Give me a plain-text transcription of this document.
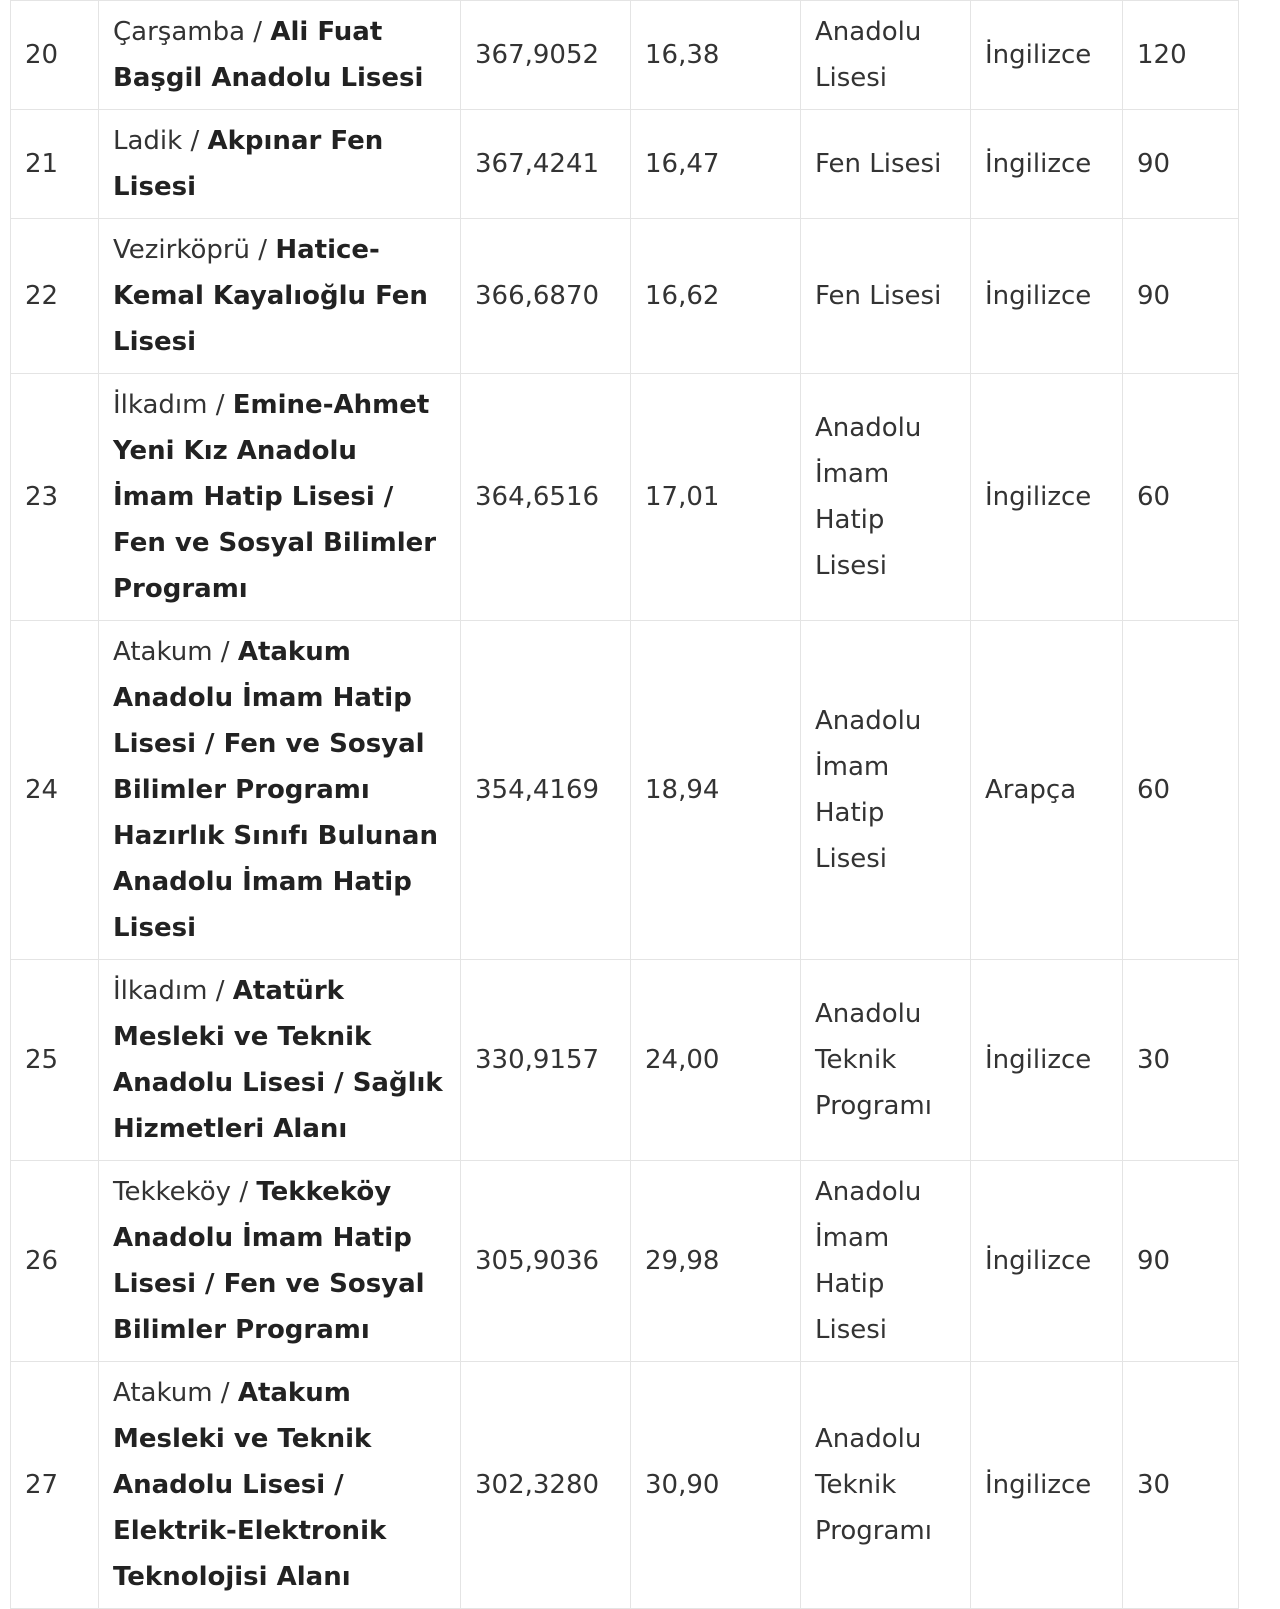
20	Çarşamba / Ali Fuat Başgil Anadolu Lisesi	367,9052	16,38	Anadolu Lisesi	İngilizce	120
21	Ladik / Akpınar Fen Lisesi	367,4241	16,47	Fen Lisesi	İngilizce	90
22	Vezirköprü / Hatice-Kemal Kayalıoğlu Fen Lisesi	366,6870	16,62	Fen Lisesi	İngilizce	90
23	İlkadım / Emine-Ahmet Yeni Kız Anadolu İmam Hatip Lisesi / Fen ve Sosyal Bilimler Programı	364,6516	17,01	Anadolu İmam Hatip Lisesi	İngilizce	60
24	Atakum / Atakum Anadolu İmam Hatip Lisesi / Fen ve Sosyal Bilimler Programı Hazırlık Sınıfı Bulunan Anadolu İmam Hatip Lisesi	354,4169	18,94	Anadolu İmam Hatip Lisesi	Arapça	60
25	İlkadım / Atatürk Mesleki ve Teknik Anadolu Lisesi / Sağlık Hizmetleri Alanı	330,9157	24,00	Anadolu Teknik Programı	İngilizce	30
26	Tekkeköy / Tekkeköy Anadolu İmam Hatip Lisesi / Fen ve Sosyal Bilimler Programı	305,9036	29,98	Anadolu İmam Hatip Lisesi	İngilizce	90
27	Atakum / Atakum Mesleki ve Teknik Anadolu Lisesi / Elektrik-Elektronik Teknolojisi Alanı	302,3280	30,90	Anadolu Teknik Programı	İngilizce	30
